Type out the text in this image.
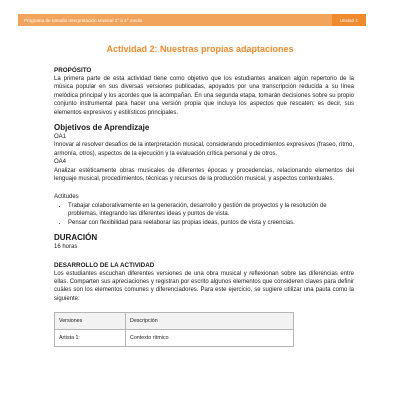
Programa de Estudio Interpretación Musical 3° a 4° medio	Unidad 1
Actividad 2: Nuestras propias adaptaciones

PROPÓSITO

La primera parte de esta actividad tiene como objetivo que los estudiantes analicen algún repertorio de la música popular en sus diversas versiones publicadas, apoyados por una transcripción reducida a su línea melódica principal y los acordes que la acompañan. En una segunda etapa, tomarán decisiones sobre su propio conjunto instrumental para hacer una versión propia que incluya los aspectos que rescaten; es decir, sus elementos expresivos y estilísticos principales.

Objetivos de Aprendizaje

OA1

Innovar al resolver desafíos de la interpretación musical, considerando procedimientos expresivos (fraseo, ritmo, armonía, otros), aspectos de la ejecución y la evaluación crítica personal y de otros.

OA4

Analizar estéticamente obras musicales de diferentes épocas y procedencias, relacionando elementos del lenguaje musical, procedimientos, técnicas y recursos de la producción musical, y aspectos contextuales.

Actitudes

• Trabajar colaborativamente en la generación, desarrollo y gestión de proyectos y la resolución de problemas, integrando las diferentes ideas y puntos de vista.
• Pensar con flexibilidad para reelaborar las propias ideas, puntos de vista y creencias.

DURACIÓN

16 horas

DESARROLLO DE LA ACTIVIDAD

Los estudiantes escuchan diferentes versiones de una obra musical y reflexionan sobre las diferencias entre ellas. Comparten sus apreciaciones y registran por escrito algunos elementos que consideren claves para definir cuáles son los elementos comunes y diferenciadores. Para este ejercicio, se sugiere utilizar una pauta como la siguiente:

Versiones	Descripción
Artista 1:	Contexto rítmico
